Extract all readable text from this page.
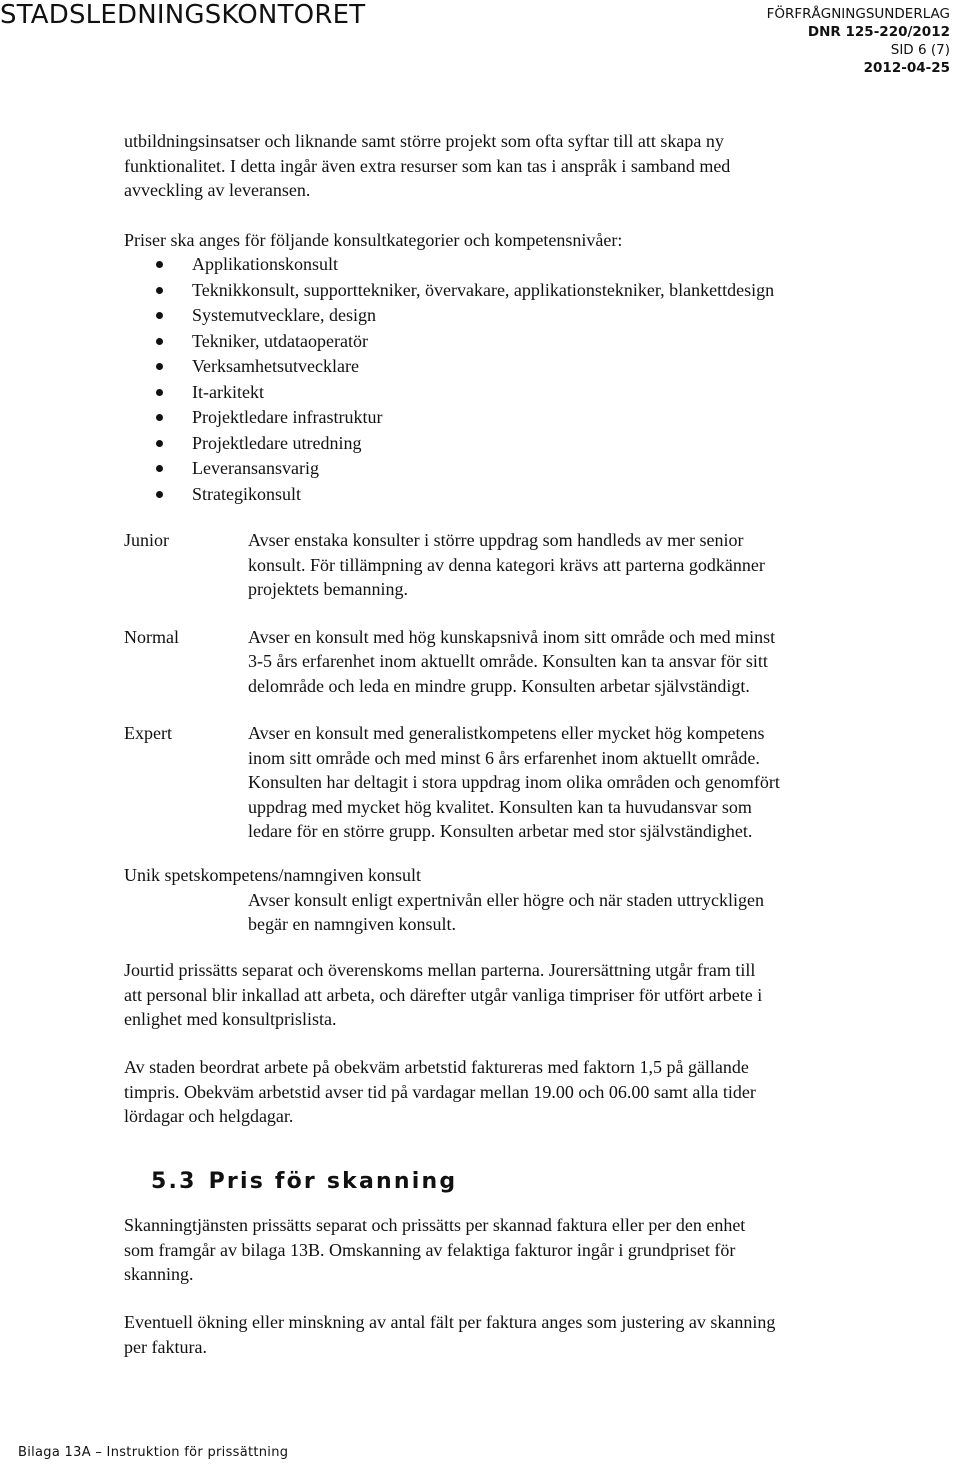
STADSLEDNINGSKONTORET	FÖRFRÅGNINGSUNDERLAG
DNR 125-220/2012
SID 6 (7)
2012-04-25
utbildningsinsatser och liknande samt större projekt som ofta syftar till att skapa ny
funktionalitet. I detta ingår även extra resurser som kan tas i anspråk i samband med
avveckling av leveransen.
Priser ska anges för följande konsultkategorier och kompetensnivåer:
Applikationskonsult
Teknikkonsult, supporttekniker, övervakare, applikationstekniker, blankettdesign
Systemutvecklare, design
Tekniker, utdataoperatör
Verksamhetsutvecklare
It-arkitekt
Projektledare infrastruktur
Projektledare utredning
Leveransansvarig
Strategikonsult
Junior	Avser enstaka konsulter i större uppdrag som handleds av mer senior
konsult. För tillämpning av denna kategori krävs att parterna godkänner
projektets bemanning.
Normal	Avser en konsult med hög kunskapsnivå inom sitt område och med minst
3-5 års erfarenhet inom aktuellt område. Konsulten kan ta ansvar för sitt
delområde och leda en mindre grupp. Konsulten arbetar självständigt.
Expert	Avser en konsult med generalistkompetens eller mycket hög kompetens
inom sitt område och med minst 6 års erfarenhet inom aktuellt område.
Konsulten har deltagit i stora uppdrag inom olika områden och genomfört
uppdrag med mycket hög kvalitet. Konsulten kan ta huvudansvar som
ledare för en större grupp. Konsulten arbetar med stor självständighet.
Unik spetskompetens/namngiven konsult
Avser konsult enligt expertnivån eller högre och när staden uttryckligen
begär en namngiven konsult.
Jourtid prissätts separat och överenskoms mellan parterna. Jourersättning utgår fram till
att personal blir inkallad att arbeta, och därefter utgår vanliga timpriser för utfört arbete i
enlighet med konsultprislista.
Av staden beordrat arbete på obekväm arbetstid faktureras med faktorn 1,5 på gällande
timpris. Obekväm arbetstid avser tid på vardagar mellan 19.00 och 06.00 samt alla tider
lördagar och helgdagar.
5.3 Pris för skanning
Skanningtjänsten prissätts separat och prissätts per skannad faktura eller per den enhet
som framgår av bilaga 13B. Omskanning av felaktiga fakturor ingår i grundpriset för
skanning.
Eventuell ökning eller minskning av antal fält per faktura anges som justering av skanning
per faktura.
Bilaga 13A – Instruktion för prissättning
